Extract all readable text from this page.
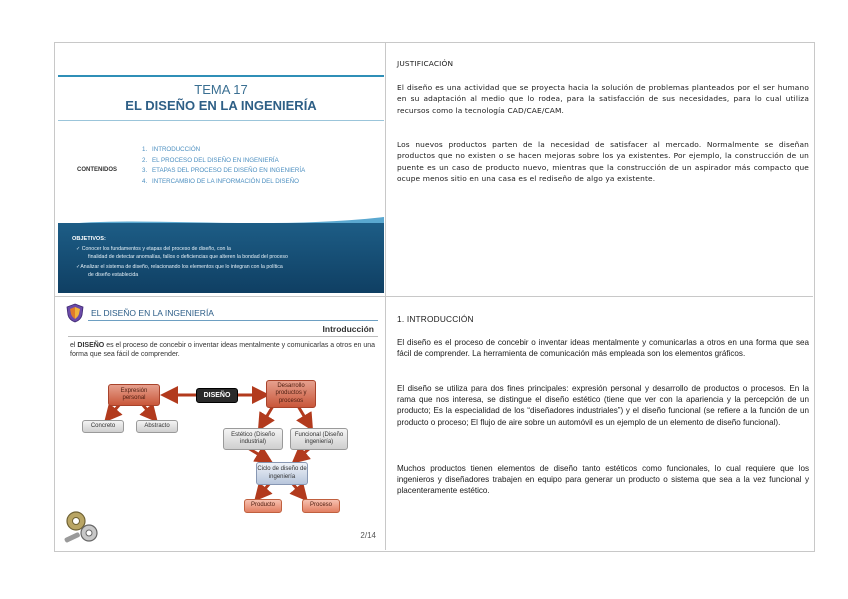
TEMA 17
EL DISEÑO EN LA INGENIERÍA
CONTENIDOS
1. INTRODUCCIÓN
2. EL PROCESO DEL DISEÑO EN INGENIERÍA
3. ETAPAS DEL PROCESO DE DISEÑO EN INGENIERÍA
4. INTERCAMBIO DE LA INFORMACIÓN DEL DISEÑO
OBJETIVOS:
✓ Conocer los fundamentos y etapas del proceso de diseño, con la
finalidad de detectar anomalías, fallos o deficiencias que alteren la bondad del proceso
✓Analizar el sistema de diseño, relacionando los elementos que lo integran con la política
de diseño establecida
EL DISEÑO EN LA INGENIERÍA
Introducción
el DISEÑO es el proceso de concebir o inventar ideas mentalmente y comunicarlas a otros en una forma que sea fácil de comprender.
Expresión personal	DISEÑO
Desarrollo productos y procesos
Concreto	Abstracto
Estético (Diseño industrial)
Funcional (Diseño ingeniería)
Ciclo de diseño de ingeniería
Producto	Proceso
2/14
JUSTIFICACIÓN
El diseño es una actividad que se proyecta hacia la solución de problemas planteados por el ser humano en su adaptación al medio que lo rodea, para la satisfacción de sus necesidades, para lo cual utiliza recursos como la tecnología CAD/CAE/CAM.
Los nuevos productos parten de la necesidad de satisfacer al mercado. Normalmente se diseñan productos que no existen o se hacen mejoras sobre los ya existentes. Por ejemplo, la construcción de un puente es un caso de producto nuevo, mientras que la construcción de un aspirador más compacto que ocupe menos sitio en una casa es el rediseño de algo ya existente.
1. INTRODUCCIÓN
El diseño es el proceso de concebir o inventar ideas mentalmente y comunicarlas a otros en una forma que sea fácil de comprender. La herramienta de comunicación más empleada son los elementos gráficos.
El diseño se utiliza para dos fines principales: expresión personal y desarrollo de productos o procesos. En la rama que nos interesa, se distingue el diseño estético (tiene que ver con la apariencia y la percepción de un producto; Es la especialidad de los “diseñadores industriales”) y el diseño funcional (se refiere a la función de un producto o proceso; El flujo de aire sobre un automóvil es un ejemplo de un elemento de diseño funcional).
Muchos productos tienen elementos de diseño tanto estéticos como funcionales, lo cual requiere que los ingenieros y diseñadores trabajen en equipo para generar un producto o sistema que sea a la vez funcional y placenteramente estético.
